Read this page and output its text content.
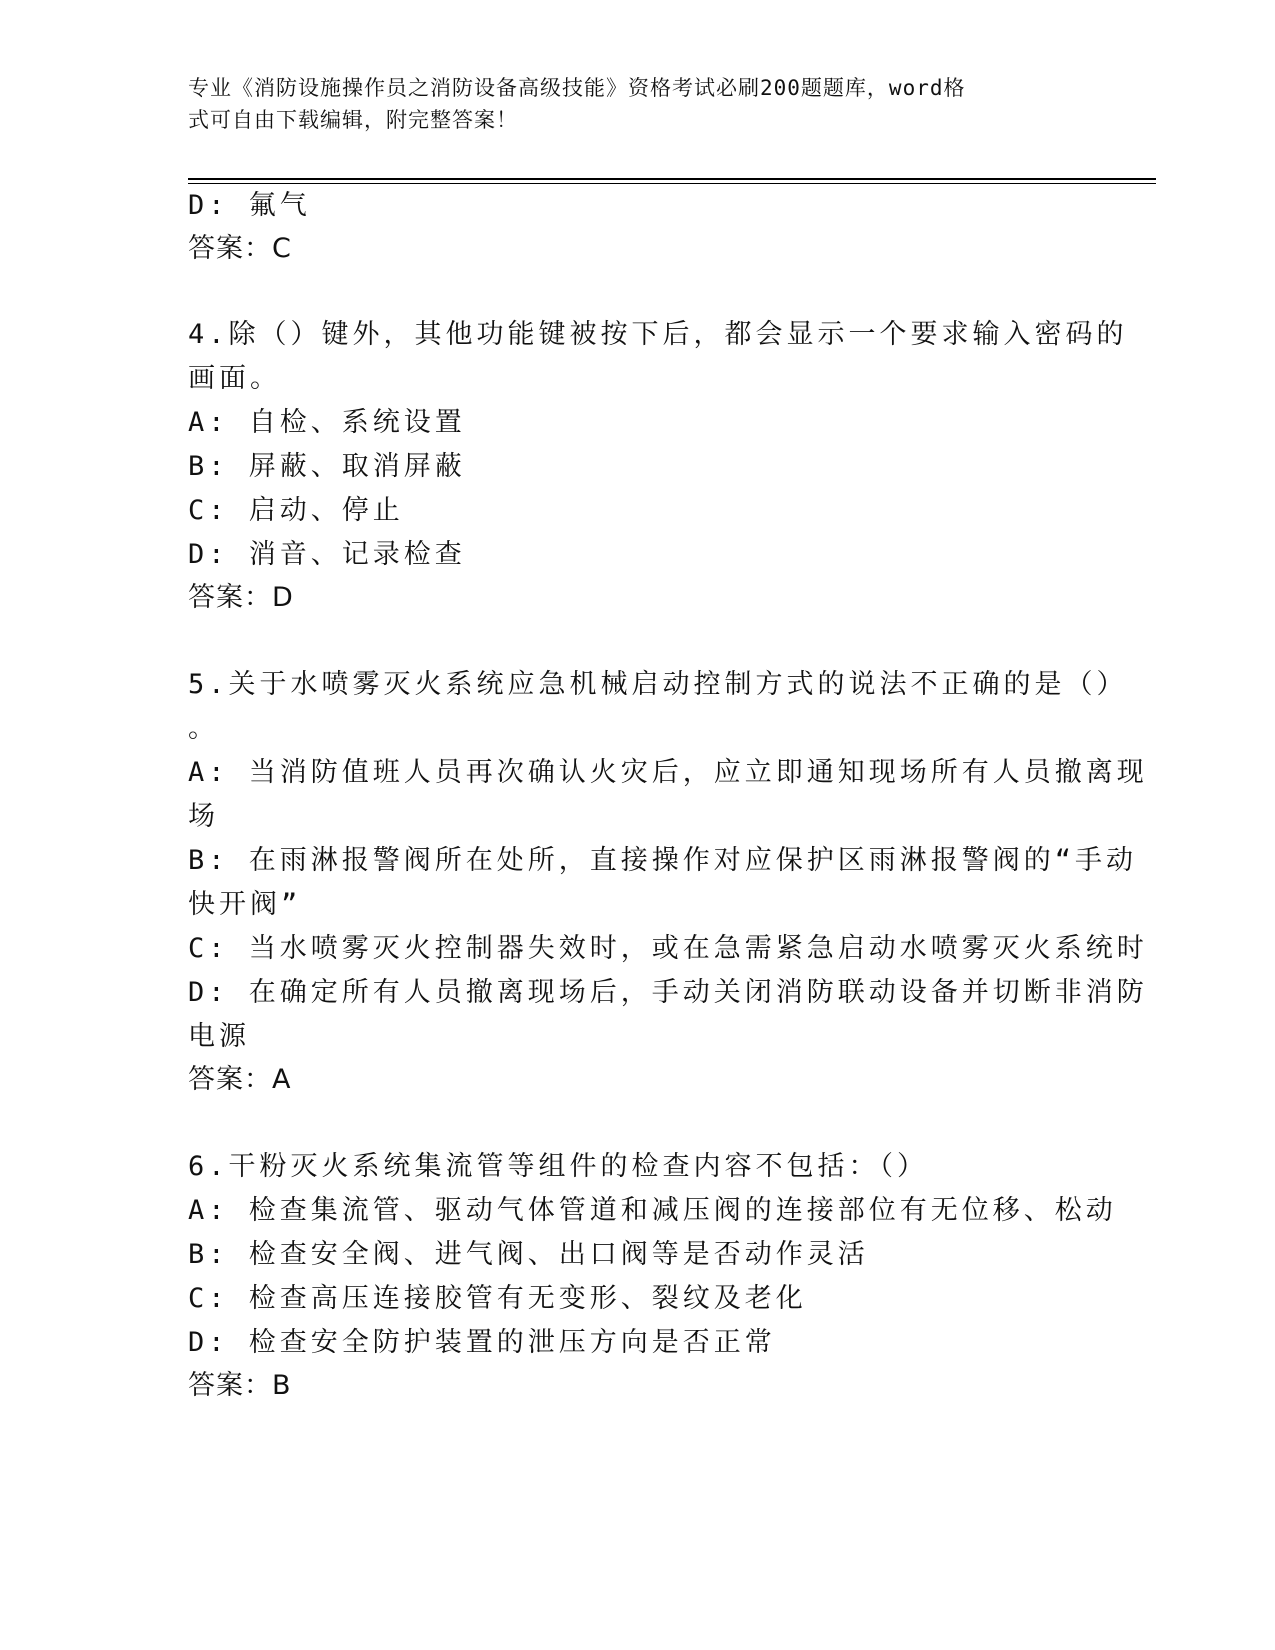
专业《消防设施操作员之消防设备高级技能》资格考试必刷200题题库，word格
式可自由下载编辑，附完整答案！
D: 氟气
答案：C
4.除（）键外，其他功能键被按下后，都会显示一个要求输入密码的
画面。
A: 自检、系统设置
B: 屏蔽、取消屏蔽
C: 启动、停止
D: 消音、记录检查
答案：D
5.关于水喷雾灭火系统应急机械启动控制方式的说法不正确的是（）
。
A: 当消防值班人员再次确认火灾后，应立即通知现场所有人员撤离现
场
B: 在雨淋报警阀所在处所，直接操作对应保护区雨淋报警阀的“手动
快开阀”
C: 当水喷雾灭火控制器失效时，或在急需紧急启动水喷雾灭火系统时
D: 在确定所有人员撤离现场后，手动关闭消防联动设备并切断非消防
电源
答案：A
6.干粉灭火系统集流管等组件的检查内容不包括：（）
A: 检查集流管、驱动气体管道和减压阀的连接部位有无位移、松动
B: 检查安全阀、进气阀、出口阀等是否动作灵活
C: 检查高压连接胶管有无变形、裂纹及老化
D: 检查安全防护装置的泄压方向是否正常
答案：B
